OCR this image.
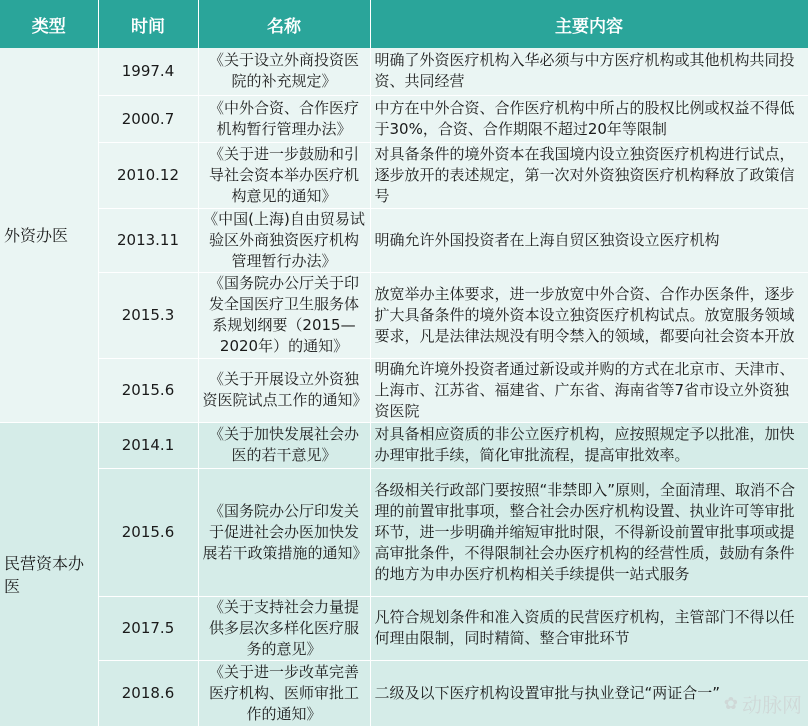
类型	时间	名称	主要内容
外资办医	1997.4	《关于设立外商投资医院的补充规定》	明确了外资医疗机构入华必须与中方医疗机构或其他机构共同投资、共同经营
	2000.7	《中外合资、合作医疗机构暂行管理办法》	中方在中外合资、合作医疗机构中所占的股权比例或权益不得低于30%，合资、合作期限不超过20年等限制
	2010.12	《关于进一步鼓励和引导社会资本举办医疗机构意见的通知》	对具备条件的境外资本在我国境内设立独资医疗机构进行试点，逐步放开的表述规定，第一次对外资独资医疗机构释放了政策信号
	2013.11	《中国(上海)自由贸易试验区外商独资医疗机构管理暂行办法》	明确允许外国投资者在上海自贸区独资设立医疗机构
	2015.3	《国务院办公厅关于印发全国医疗卫生服务体系规划纲要（2015—2020年）的通知》	放宽举办主体要求，进一步放宽中外合资、合作办医条件，逐步扩大具备条件的境外资本设立独资医疗机构试点。放宽服务领域要求，凡是法律法规没有明令禁入的领域，都要向社会资本开放
	2015.6	《关于开展设立外资独资医院试点工作的通知》	明确允许境外投资者通过新设或并购的方式在北京市、天津市、上海市、江苏省、福建省、广东省、海南省等7省市设立外资独资医院
民营资本办医	2014.1	《关于加快发展社会办医的若干意见》	对具备相应资质的非公立医疗机构，应按照规定予以批准，加快办理审批手续，简化审批流程，提高审批效率。
	2015.6	《国务院办公厅印发关于促进社会办医加快发展若干政策措施的通知》	各级相关行政部门要按照“非禁即入”原则，全面清理、取消不合理的前置审批事项，整合社会办医疗机构设置、执业许可等审批环节，进一步明确并缩短审批时限，不得新设前置审批事项或提高审批条件，不得限制社会办医疗机构的经营性质，鼓励有条件的地方为申办医疗机构相关手续提供一站式服务
	2017.5	《关于支持社会力量提供多层次多样化医疗服务的意见》	凡符合规划条件和准入资质的民营医疗机构，主管部门不得以任何理由限制，同时精简、整合审批环节
	2018.6	《关于进一步改革完善医疗机构、医师审批工作的通知》	二级及以下医疗机构设置审批与执业登记“两证合一”
✿ 动脉网
